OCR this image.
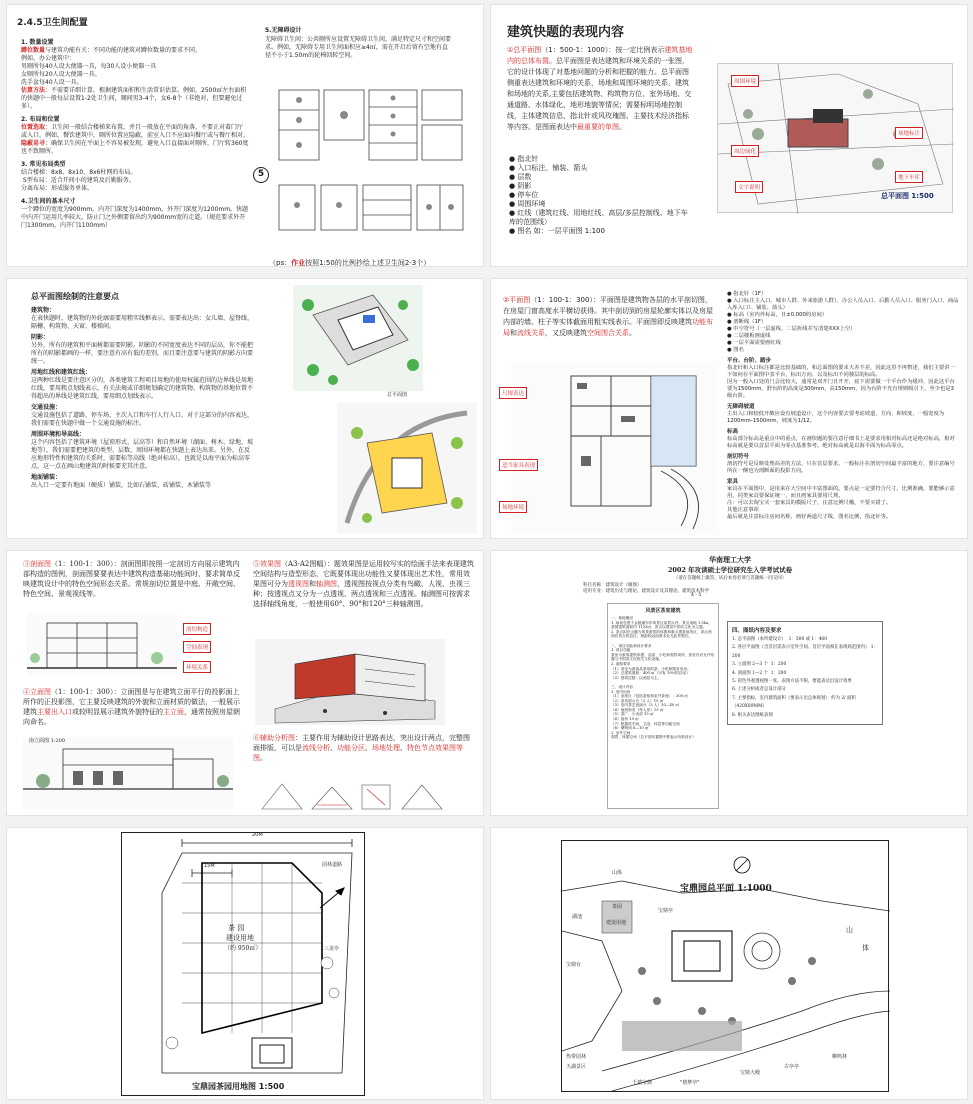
2.4.5卫生间配置
1. 数量设置
蹲位数量与建筑功能有关：不同功能的建筑对蹲位数量的要求不同。
例如，办公建筑中：
男厕所每40人设大便器一具，每30人设小便器一具
女厕所每20人设大便器一具。
洗手盆每40人设一具。
估算方法：不需要详细计算，根据建筑面积和生活常识估算。例如，2500㎡左右面积的快题中一般每层设置1-2处卫生间，厕间男3-4个，女6-8个（非绝对，但要避免过多）。
2. 布局和位置
位置选取：卫生间一般结合楼梯来布置，并且一般放在平面的角落，不要正对着门厅或入口。例如，餐饮建筑中，厕所位置应隐蔽，前室入口不应面向餐厅或与餐厅相对。
隐蔽易寻：确保卫生间在平面上不容易被发现，避免入口直接面对厕所，门厅转360度也不致厕所。
3. 常见布局类型
结合楼梯：8x8、8x10、8x6柱网的布局。
S型布局：适合开间小的建筑及后勤服务。
分离布局：形成服务单体。
4.卫生间的基本尺寸
一个蹲位的宽度为900mm，内开门深度为1400mm，外开门深度为1200mm。快题中内开门运用几率较大，防止门之外侧要留出约为900mm宽的走道。（规范要求外开门1300mm，内开门1100mm）
5.无障碍设计
无障碍卫生间：公共厕所应设置无障碍卫生间，满足特定尺寸和空间要求。例如，无障碍专用卫生间面积应≥4㎡，需在开启后留有空地有直径不小于1.50m的轮椅回转空间。
5
（ps：作业按照1:50的比例抄绘上述卫生间2-3个）
建筑快题的表现内容
①总平面图（1：500-1：1000）：按一定比例表示建筑基地内的总体布置。总平面图是表达建筑和环境关系的一张图，它的设计体现了对基地问题的分析和把握的能力。总平面图侧重表达建筑和环境的关系，场地和周围环境的关系，建筑和场地的关系,主要包括建筑物、构筑物方位、室外场地、交通道路、水体绿化、地形地貌等情况；需要标明场地控制线，主体建筑信息、指北针或风玫瑰图、主要技术经济指标等内容。是图面表达中最重要的单图。
● 指北针
● 入口标注、铺装、箭头
● 层数
● 阴影
● 停车位
● 周围环境
● 红线（建筑红线、用地红线、高层/多层控制线、地下车库的范围线）
● 图名 如：一层平面图 1:100
周围环境
场地标注
文字说明
周边绿化
地下车库
总平面图 1:500
总平面图绘制的注意要点
建筑物：
在表快题时，建筑物的外轮廓需要用粗实线框表示。需要表达出：女儿墙、屋脊线、隔栅、构筑物、天窗、楼梯间。
阴影：
另外，所有的建筑和平面树都需要阴影。阴影的不同宽度表达不同的层高，你不能把所有的阴影都画的一样，要注意有高有低的差别，而且要注意要与建筑的阴影方向要统一。
用地红线和建筑红线：
这两种红线是要注意区分的，各类建筑工程项目用地的使用权属范围的边界线是用地红线，要用粗点划线表示，有关法规或详细规划确定的建筑物、构筑物的基地位置不得超出的界线是建筑红线，要用细点划线表示。
交通设施：
交通设施包括了道路、停车场、主次入口和车行人行入口。对于这部分的内容表达，我们需要在快题中做一个交通设施的标注。
周围环境和导高线：
这个内容包括了建筑环境（屋顶形式、层高等）和自然环境（湖面、树木、绿地、坡地等），我们需要把建筑的类型、层数、周围环境都在快题上表达出来。另外，在反应地形特性和建筑的关系时，需要标等高线（绝对标高），也就是以海平面为标高零点，这一点在画山地建筑的时候要充其注意。
地面铺装：
出入口一定要有地面（硬质）铺装，比如石铺装、砖铺装、木铺装等
总平面图
②平面图（1：100-1：300）：平面图是建筑物各层的水平剖切图，在房屋门窗高度水平横切获得。其中剖切到的房屋轮廓实体以及房屋内部的墙、柱子等实体截面用粗实线表示。平面图即反映建筑功能布局和流线关系，又反映建筑空间围合关系。
尺规表达
适当家具表现
场地环境
● 指北针（1F）
● 入口标注主入口、城市人群、外来旅游人群），办公人员入口、后勤人员入口、服务门入口、商品入库入口）、铺装、箭头）
● 标高（室内外标高，且±0.000的房间）
● 剖断线（1F）
● 中空符号（一层虚线、二层折线并写清楚XXX上空）
● 二层楼板画虚线
● 一层平面需要画红线
● 图名
平台、台阶、踏步
指北针和入口标注都是比较基础的，和总面图的要求大差不差，因此这里不再赘述，我们主要讲一下如何在平面图中表平台、标出方向、以及标出不同楼层的标高。
因为一般入口处的门会比较大，通常是双开门且开开，底下需要做一个平台作为缓冲，因此这平台要为1500mm，舒台阶的高度是300mm，高150mm，因为台阶不光有规则吸引下，至少也是3级台阶。
无障碍坡道
主出入口和较低开敞应设有坡道设计，这个内容要去要考虑坡道、方向、和坡度，一般宽度为1200mm-1500mm，坡度为1/12。
标高
标高部分标高是重点中的重点，在画快题的要注意仔细书上是要求用相对标高还是绝对标高，相对标高就是要以首层平面为零点基准参考。绝对标高就是以海平面为标高零点。
剖切符号
剖切符号是反映处理高差的方法，只在首层要求，一般标注在剖切空间最丰富的地方，要注意编号所在一侧也为剖断面的投影方向。
家具
家具在平面图中，是用来在大空间中丰富图面的。要点是一定要符合尺寸，比例准确，要能够示意用，同类家具要保证统一，而且画家具要用尺规。
注：可以去淘宝买一套家具的模版尺子，注意比例尺哦，不要买错了。
其他注意事项
最后就是注意标注房间名称，画好两道尺寸线，图名比例，指北针等。
③剖面图（1：100-1：300）：剖面图即按照一定剖切方向展示建筑内部构造的图例，剖面图要要表达中建筑构造基础功能间时，要求简单反映建筑设计中的特色空间形态关系。常规剖切位置是中庭、开敞空间、特色空间、景观视线等。
剖切构造
空间表现
环境关系
④立面图（1：100-1：300）：立面图是与在建筑立面平行的投影面上所作的正投影图，它主要反映建筑的外貌和立面材质的做法，一般展示建筑主要出入口或较明显展示建筑外貌特征的主立面，通常按照房屋朝向命名。
南立面图 1:200
⑤效果图（A3-A2图幅）：题效果图是运用较写实的绘画手法来表现建筑空间结构与造型形态，它既要体现出功能性又要体现出艺术性，常用效果图可分为透视图和轴测图，透视图按视点分类有鸟瞰、人视、虫视三种；按透视点又分为一点透视、两点透视和三点透视。轴测图可按需求选择轴线角度，一般使用60°、90°和120°三种轴测图。
⑥辅助分析图：主要作用为辅助设计思路表达，突出设计两点，完整图面排版，可以是流线分析、功能分区、场地处理、特色节点效果图等图。
华南理工大学
2002 年攻读硕士学位研究生入学考试试卷
（请在答题纸上做答，试后本卷必须与答题纸一同交回）
科目名称：建筑设计（做图）
适用专业：建筑历史与理论、建筑设计及其理论、建筑技术科学
4 - 5
风景区茶室建筑
一、基地概况
1. 场设在建于金陵湖东岸风景区某景点内，景点用地 1.5ha，茶园建筑面积约 1133㎡，景点以观赏中国各文化为主题。
2. 茶点拟在山腰为风景游览的休憩和重点观赏场所区，茶点西面有景点休息区，相距较远而基本处无此景观在。

二、项目功能和设计要求
1. 项目功能
茶室为游客提供休憩、品茶、小吃和观景场所，茶室内应允许布置与中国茶文化相关文化设施。
2. 面积要求
（1）茶室为游客品茶用的茶、小吃和服务用房。
（2）总建筑面积：400 ㎡（可有 10%的浮动）
（3）建筑层数：以两层为主。

三、设计内容
1. 室内用房
（1）室座区（包括茶座和室外茶座）：300 ㎡
（2）茶具展示台（2 人）15 ㎡
（3）室内茶艺表演台（3 人）30—40 ㎡
（4）值班宿舍（每人房）15 ㎡
（5）茶厂、小卖部 15 ㎡
（6）厨房 10 ㎡
（7）配置洗手间、卫浴、休息等功能空间
（8）储物间 6—10 ㎡
2. 室外空间
观景、休憩空间（总平面布置图中要表示所需设计）
四、图纸内容及要求
1. 总平面图（本所建设计）  1：500 或 1：400
2. 各层平面图（含首层需表示室外空间、首层平面须在表现场范围内） 1：200
3. 立面图 2—3 个  1：200
4. 剖面图 1—2 个  1：200
5. 彩色外观透视图一张，表现方法不限，要能表达出设计效果
6. 上述分析或者总设计部分
7. 主要指标，室内建筑面积（要表示出总体规划） 约为 2/ 面积（420X89MM）
8. 相关表达图纸表现
20M
15M	园林道路
茶 园
建设用地
（约 950㎡）	三龙亭
宝鼎园茶园用地图 1:500
宝鼎园总平面 1:1000
山体
湖池
茶园
建设用地
山
体
宝鼎亭
宝鼎台
热带园林
天湖景区
千禧宝鼎	"禧梦亭"
宝鼎大殿
古亭亭
柳鸣林
